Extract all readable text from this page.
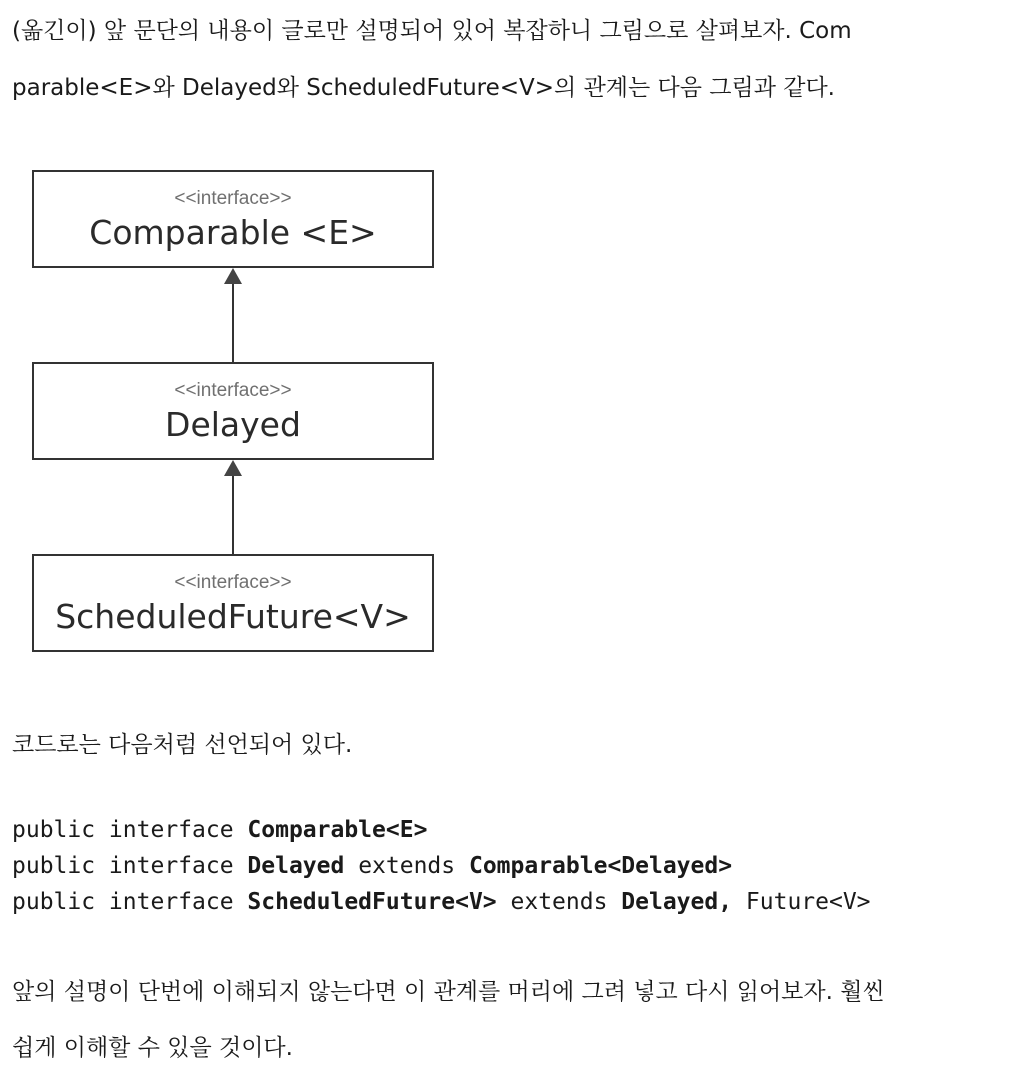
(옮긴이) 앞 문단의 내용이 글로만 설명되어 있어 복잡하니 그림으로 살펴보자. Com

parable<E>와 Delayed와 ScheduledFuture<V>의 관계는 다음 그림과 같다.

<<interface>>
Comparable <E>
<<interface>>
Delayed
<<interface>>
ScheduledFuture<V>

코드로는 다음처럼 선언되어 있다.

public interface Comparable<E>
public interface Delayed extends Comparable<Delayed>
public interface ScheduledFuture<V> extends Delayed, Future<V>

앞의 설명이 단번에 이해되지 않는다면 이 관계를 머리에 그려 넣고 다시 읽어보자. 훨씬

쉽게 이해할 수 있을 것이다.
